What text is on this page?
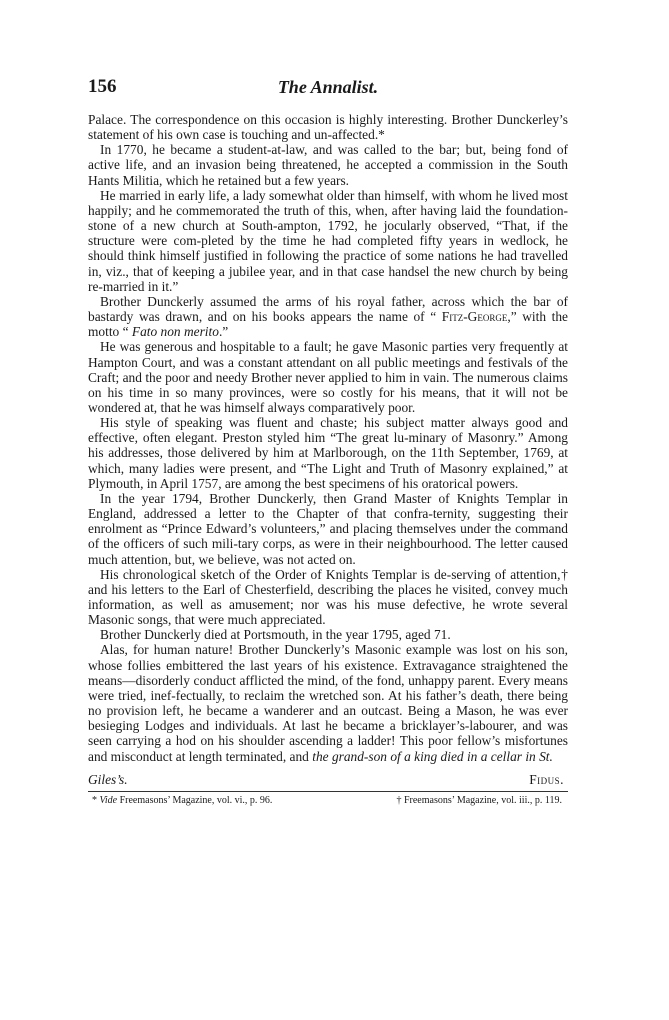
156	The Annalist.

Palace. The correspondence on this occasion is highly interesting. Brother Dunckerley’s statement of his own case is touching and un-affected.*

In 1770, he became a student-at-law, and was called to the bar; but, being fond of active life, and an invasion being threatened, he accepted a commission in the South Hants Militia, which he retained but a few years.

He married in early life, a lady somewhat older than himself, with whom he lived most happily; and he commemorated the truth of this, when, after having laid the foundation-stone of a new church at South-ampton, 1792, he jocularly observed, “That, if the structure were com-pleted by the time he had completed fifty years in wedlock, he should think himself justified in following the practice of some nations he had travelled in, viz., that of keeping a jubilee year, and in that case handsel the new church by being re-married in it.”

Brother Dunckerly assumed the arms of his royal father, across which the bar of bastardy was drawn, and on his books appears the name of “ Fitz-George,” with the motto “ Fato non merito.”

He was generous and hospitable to a fault; he gave Masonic parties very frequently at Hampton Court, and was a constant attendant on all public meetings and festivals of the Craft; and the poor and needy Brother never applied to him in vain. The numerous claims on his time in so many provinces, were so costly for his means, that it will not be wondered at, that he was himself always comparatively poor.

His style of speaking was fluent and chaste; his subject matter always good and effective, often elegant. Preston styled him “The great lu-minary of Masonry.” Among his addresses, those delivered by him at Marlborough, on the 11th September, 1769, at which, many ladies were present, and “The Light and Truth of Masonry explained,” at Plymouth, in April 1757, are among the best specimens of his oratorical powers.

In the year 1794, Brother Dunckerly, then Grand Master of Knights Templar in England, addressed a letter to the Chapter of that confra-ternity, suggesting their enrolment as “Prince Edward’s volunteers,” and placing themselves under the command of the officers of such mili-tary corps, as were in their neighbourhood. The letter caused much attention, but, we believe, was not acted on.

His chronological sketch of the Order of Knights Templar is de-serving of attention,† and his letters to the Earl of Chesterfield, describing the places he visited, convey much information, as well as amusement; nor was his muse defective, he wrote several Masonic songs, that were much appreciated.

Brother Dunckerly died at Portsmouth, in the year 1795, aged 71.

Alas, for human nature! Brother Dunckerly’s Masonic example was lost on his son, whose follies embittered the last years of his existence. Extravagance straightened the means—disorderly conduct afflicted the mind, of the fond, unhappy parent. Every means were tried, inef-fectually, to reclaim the wretched son. At his father’s death, there being no provision left, he became a wanderer and an outcast. Being a Mason, he was ever besieging Lodges and individuals. At last he became a bricklayer’s-labourer, and was seen carrying a hod on his shoulder ascending a ladder! This poor fellow’s misfortunes and misconduct at length terminated, and the grand-son of a king died in a cellar in St.

Giles’s.	Fidus.
* Vide Freemasons’ Magazine, vol. vi., p. 96.	† Freemasons’ Magazine, vol. iii., p. 119.
